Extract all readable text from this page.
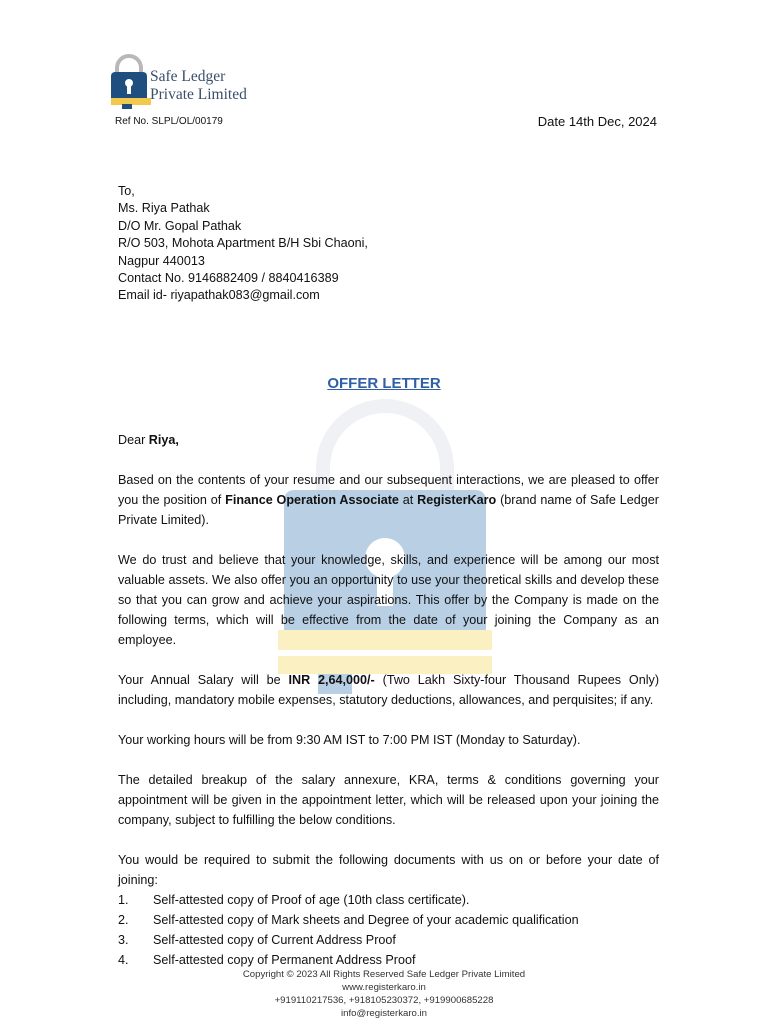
Safe Ledger
Private Limited
Ref No. SLPL/OL/00179	Date 14th Dec, 2024
To,
Ms. Riya Pathak
D/O Mr. Gopal Pathak
R/O 503, Mohota Apartment B/H Sbi Chaoni,
Nagpur 440013
Contact No. 9146882409 / 8840416389
Email id- riyapathak083@gmail.com
OFFER LETTER

Dear Riya,

Based on the contents of your resume and our subsequent interactions, we are pleased to offer you the position of Finance Operation Associate at RegisterKaro (brand name of Safe Ledger Private Limited).

We do trust and believe that your knowledge, skills, and experience will be among our most valuable assets. We also offer you an opportunity to use your theoretical skills and develop these so that you can grow and achieve your aspirations. This offer by the Company is made on the following terms, which will be effective from the date of your joining the Company as an employee.

Your Annual Salary will be INR 2,64,000/- (Two Lakh Sixty-four Thousand Rupees Only) including, mandatory mobile expenses, statutory deductions, allowances, and perquisites; if any.

Your working hours will be from 9:30 AM IST to 7:00 PM IST (Monday to Saturday).

The detailed breakup of the salary annexure, KRA, terms & conditions governing your appointment will be given in the appointment letter, which will be released upon your joining the company, subject to fulfilling the below conditions.

You would be required to submit the following documents with us on or before your date of joining:

1.	Self-attested copy of Proof of age (10th class certificate).
2.	Self-attested copy of Mark sheets and Degree of your academic qualification
3.	Self-attested copy of Current Address Proof
4.	Self-attested copy of Permanent Address Proof
Copyright © 2023 All Rights Reserved Safe Ledger Private Limited
www.registerkaro.in
+919110217536, +918105230372, +919900685228
info@registerkaro.in
